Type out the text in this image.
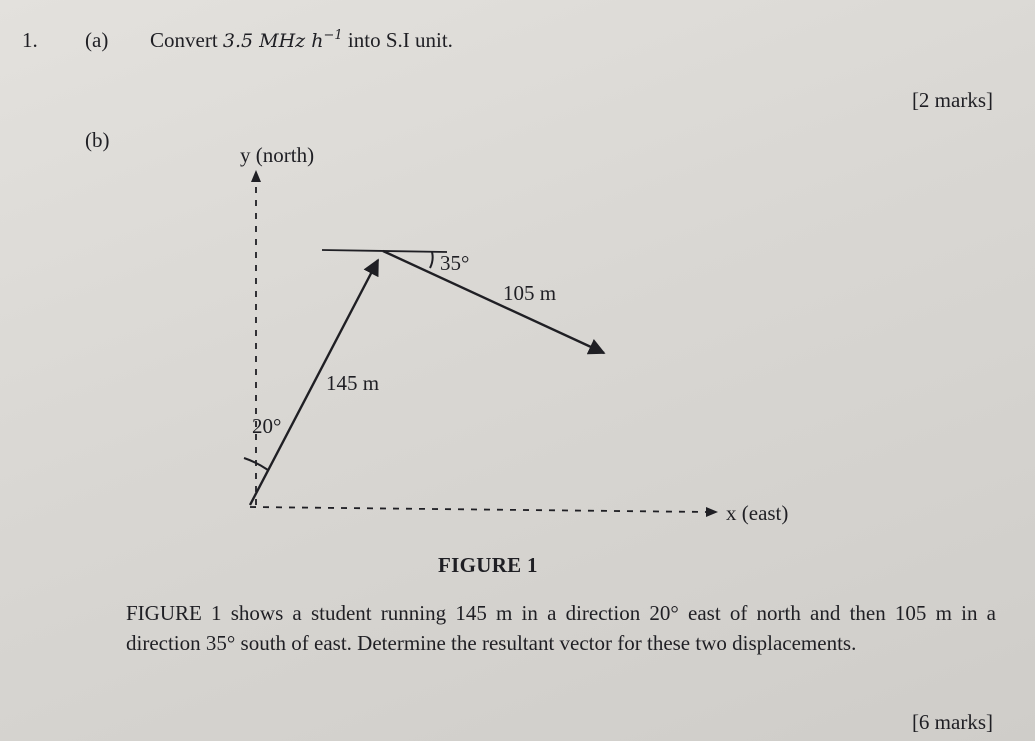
1. (a) Convert 3.5 MHz $h^{-1}$ into S.I unit.
[2 marks]
(b)
y (north)
x (east)
35°
105 m
145 m
20°
FIGURE 1
FIGURE 1 shows a student running 145 m in a direction 20° east of north and then 105 m in a direction 35° south of east. Determine the resultant vector for these two displacements.
[6 marks]
